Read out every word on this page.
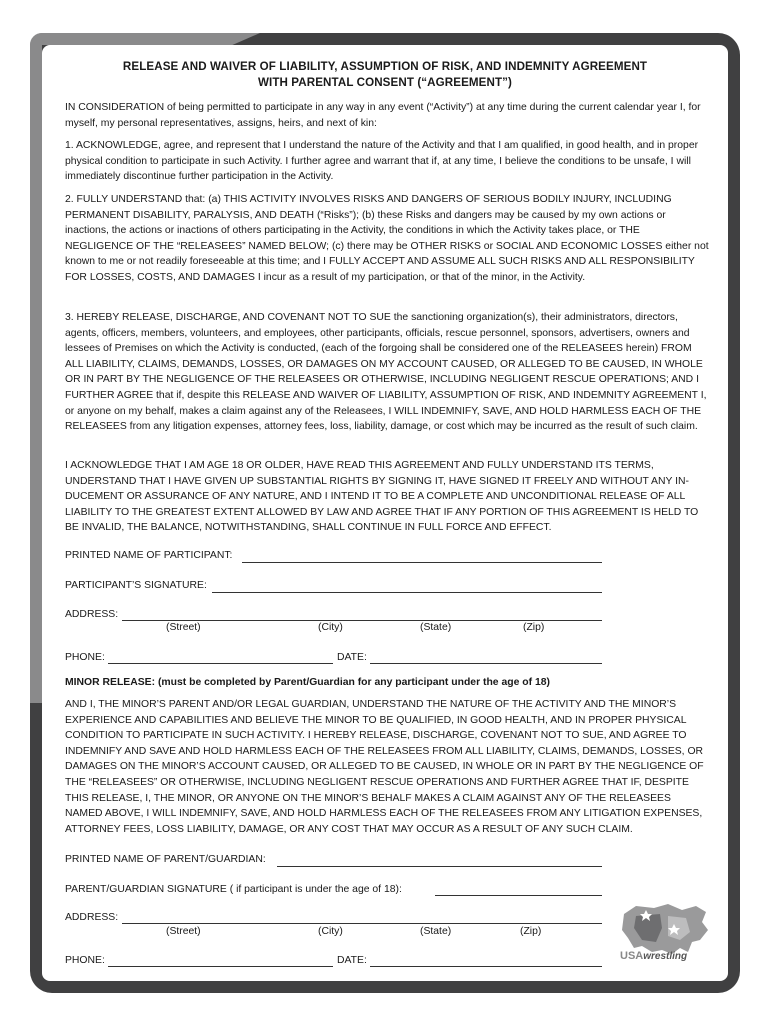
RELEASE AND WAIVER OF LIABILITY, ASSUMPTION OF RISK, AND INDEMNITY AGREEMENT
WITH PARENTAL CONSENT (“AGREEMENT”)

IN CONSIDERATION of being permitted to participate in any way in any event (“Activity”) at any time during the current calendar year I, for myself, my personal representatives, assigns, heirs, and next of kin:

1. ACKNOWLEDGE, agree, and represent that I understand the nature of the Activity and that I am qualified, in good health, and in proper physical condition to participate in such Activity. I further agree and warrant that if, at any time, I believe the conditions to be unsafe, I will immediately discontinue further participation in the Activity.

2. FULLY UNDERSTAND that: (a) THIS ACTIVITY INVOLVES RISKS AND DANGERS OF SERIOUS BODILY INJURY, INCLUDING PERMANENT DISABILITY, PARALYSIS, AND DEATH (“Risks”); (b) these Risks and dangers may be caused by my own actions or inactions, the actions or inactions of others participating in the Activity, the conditions in which the Activity takes place, or THE NEGLIGENCE OF THE “RELEASEES” NAMED BELOW; (c) there may be OTHER RISKS or SOCIAL AND ECONOMIC LOSSES either not known to me or not readily foreseeable at this time; and I FULLY ACCEPT AND ASSUME ALL SUCH RISKS AND ALL RESPONSIBILITY FOR LOSSES, COSTS, AND DAMAGES I incur as a result of my participation, or that of the minor, in the Activity.

3. HEREBY RELEASE, DISCHARGE, AND COVENANT NOT TO SUE the sanctioning organization(s), their administrators, directors, agents, officers, members, volunteers, and employees, other participants, officials, rescue personnel, sponsors, advertisers, owners and lessees of Premises on which the Activity is conducted, (each of the forgoing shall be considered one of the RELEASEES herein) FROM ALL LIABILITY, CLAIMS, DEMANDS, LOSSES, OR DAMAGES ON MY ACCOUNT CAUSED, OR ALLEGED TO BE CAUSED, IN WHOLE OR IN PART BY THE NEGLIGENCE OF THE RELEASEES OR OTHERWISE, INCLUDING NEGLIGENT RESCUE OPERATIONS; AND I FURTHER AGREE that if, despite this RELEASE AND WAIVER OF LIABILITY, ASSUMPTION OF RISK, AND INDEMNITY AGREEMENT I, or anyone on my behalf, makes a claim against any of the Releasees, I WILL INDEMNIFY, SAVE, AND HOLD HARMLESS EACH OF THE RELEASEES from any litigation expenses, attorney fees, loss, liability, damage, or cost which may be incurred as the result of such claim.

I ACKNOWLEDGE THAT I AM AGE 18 OR OLDER, HAVE READ THIS AGREEMENT AND FULLY UNDERSTAND ITS TERMS, UNDERSTAND THAT I HAVE GIVEN UP SUBSTANTIAL RIGHTS BY SIGNING IT, HAVE SIGNED IT FREELY AND WITHOUT ANY IN-DUCEMENT OR ASSURANCE OF ANY NATURE, AND I INTEND IT TO BE A COMPLETE AND UNCONDITIONAL RELEASE OF ALL LIABILITY TO THE GREATEST EXTENT ALLOWED BY LAW AND AGREE THAT IF ANY PORTION OF THIS AGREEMENT IS HELD TO BE INVALID, THE BALANCE, NOTWITHSTANDING, SHALL CONTINUE IN FULL FORCE AND EFFECT.

PRINTED NAME OF PARTICIPANT:
PARTICIPANT’S SIGNATURE:
ADDRESS:
(Street)	(City)	(State)	(Zip)
PHONE:	DATE:
MINOR RELEASE: (must be completed by Parent/Guardian for any participant under the age of 18)

AND I, THE MINOR’S PARENT AND/OR LEGAL GUARDIAN, UNDERSTAND THE NATURE OF THE ACTIVITY AND THE MINOR’S EXPERIENCE AND CAPABILITIES AND BELIEVE THE MINOR TO BE QUALIFIED, IN GOOD HEALTH, AND IN PROPER PHYSICAL CONDITION TO PARTICIPATE IN SUCH ACTIVITY. I HEREBY RELEASE, DISCHARGE, COVENANT NOT TO SUE, AND AGREE TO INDEMNIFY AND SAVE AND HOLD HARMLESS EACH OF THE RELEASEES FROM ALL LIABILITY, CLAIMS, DEMANDS, LOSSES, OR DAMAGES ON THE MINOR’S ACCOUNT CAUSED, OR ALLEGED TO BE CAUSED, IN WHOLE OR IN PART BY THE NEGLIGENCE OF THE “RELEASEES” OR OTHERWISE, INCLUDING NEGLIGENT RESCUE OPERATIONS AND FURTHER AGREE THAT IF, DESPITE THIS RELEASE, I, THE MINOR, OR ANYONE ON THE MINOR’S BEHALF MAKES A CLAIM AGAINST ANY OF THE RELEASEES NAMED ABOVE, I WILL INDEMNIFY, SAVE, AND HOLD HARMLESS EACH OF THE RELEASEES FROM ANY LITIGATION EXPENSES, ATTORNEY FEES, LOSS LIABILITY, DAMAGE, OR ANY COST THAT MAY OCCUR AS A RESULT OF ANY SUCH CLAIM.

PRINTED NAME OF PARENT/GUARDIAN:
PARENT/GUARDIAN SIGNATURE ( if participant is under the age of 18):
ADDRESS:
(Street)	(City)	(State)	(Zip)
PHONE:	DATE:	USAwrestling
